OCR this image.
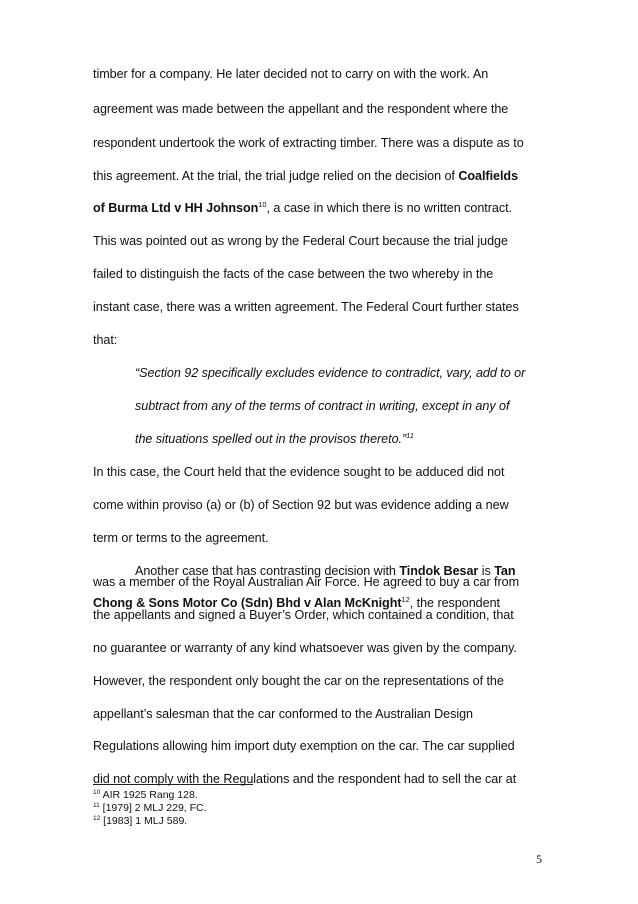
timber for a company. He later decided not to carry on with the work. An
agreement was made between the appellant and the respondent where the
respondent undertook the work of extracting timber. There was a dispute as to
this agreement. At the trial, the trial judge relied on the decision of Coalfields
of Burma Ltd v HH Johnson$^{10}$, a case in which there is no written contract.
This was pointed out as wrong by the Federal Court because the trial judge
failed to distinguish the facts of the case between the two whereby in the
instant case, there was a written agreement. The Federal Court further states
that:
“Section 92 specifically excludes evidence to contradict, vary, add to or
subtract from any of the terms of contract in writing, except in any of
the situations spelled out in the provisos thereto.”$^{11}$
In this case, the Court held that the evidence sought to be adduced did not
come within proviso (a) or (b) of Section 92 but was evidence adding a new
term or terms to the agreement.
Another case that has contrasting decision with Tindok Besar is Tan
Chong & Sons Motor Co (Sdn) Bhd v Alan McKnight$^{12}$, the respondent
was a member of the Royal Australian Air Force. He agreed to buy a car from
the appellants and signed a Buyer’s Order, which contained a condition, that
no guarantee or warranty of any kind whatsoever was given by the company.
However, the respondent only bought the car on the representations of the
appellant’s salesman that the car conformed to the Australian Design
$^{10}$ AIR 1925 Rang 128.
$^{11}$ [1979] 2 MLJ 229, FC.
$^{12}$ [1983] 1 MLJ 589.
5
did not comply with the Regulations and the respondent had to sell the car at
Regulations allowing him import duty exemption on the car. The car supplied
